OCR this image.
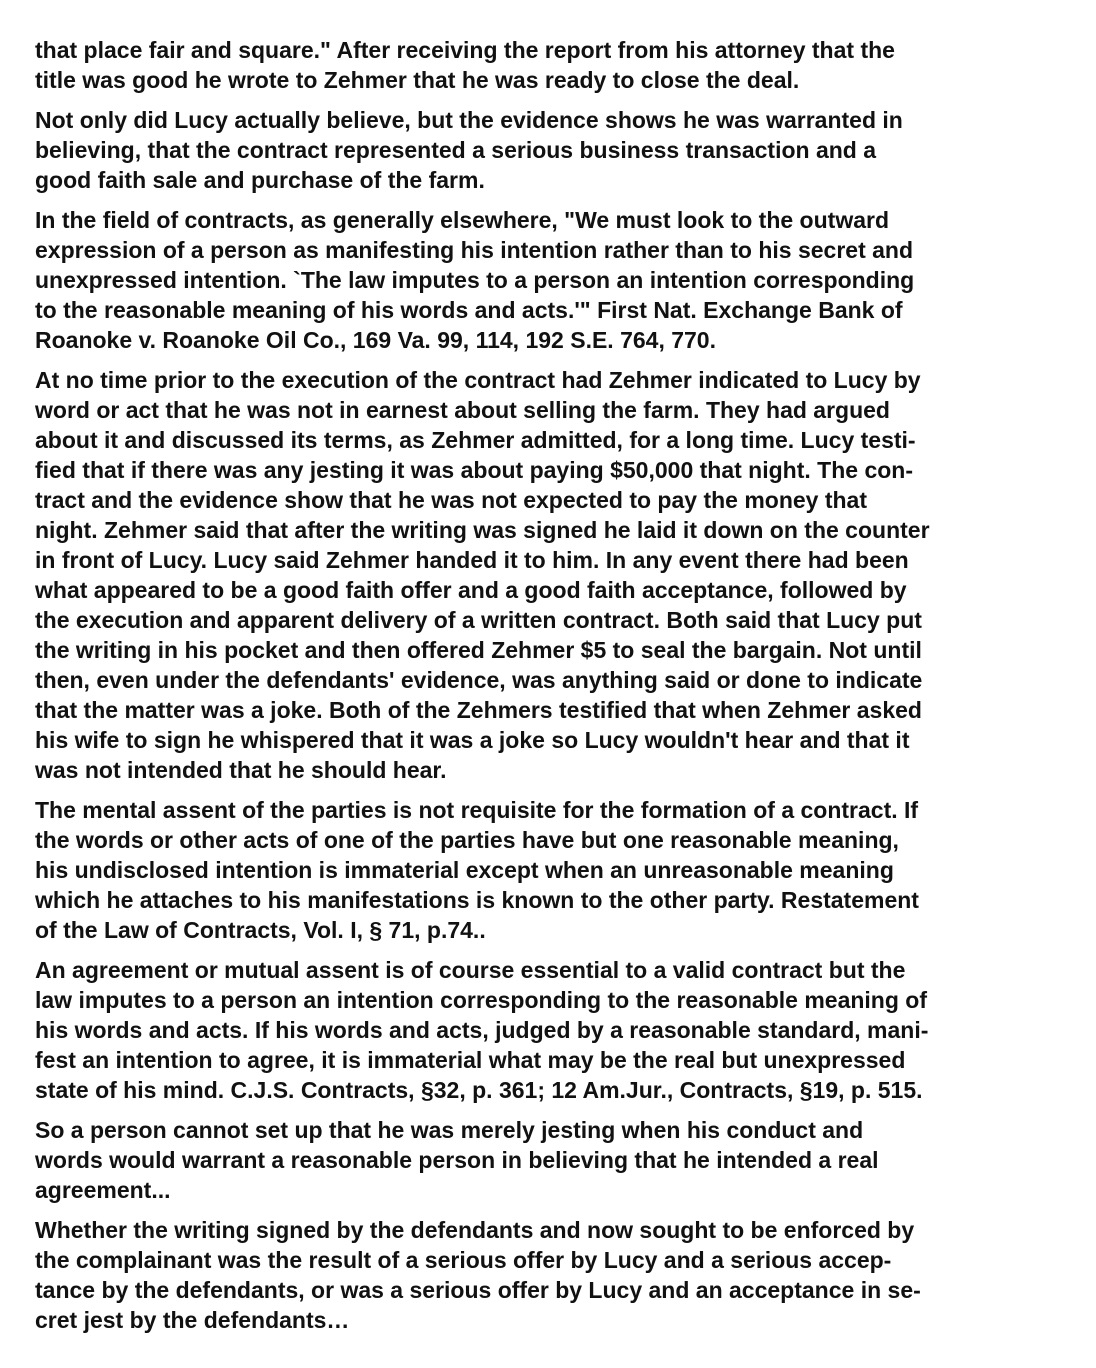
that place fair and square." After receiving the report from his attorney that the
title was good he wrote to Zehmer that he was ready to close the deal.

Not only did Lucy actually believe, but the evidence shows he was warranted in
believing, that the contract represented a serious business transaction and a
good faith sale and purchase of the farm.

In the field of contracts, as generally elsewhere, "We must look to the outward
expression of a person as manifesting his intention rather than to his secret and
unexpressed intention. `The law imputes to a person an intention corresponding
to the reasonable meaning of his words and acts.'" First Nat. Exchange Bank of
Roanoke v. Roanoke Oil Co., 169 Va. 99, 114, 192 S.E. 764, 770.

At no time prior to the execution of the contract had Zehmer indicated to Lucy by
word or act that he was not in earnest about selling the farm. They had argued
about it and discussed its terms, as Zehmer admitted, for a long time. Lucy testi-
fied that if there was any jesting it was about paying $50,000 that night. The con-
tract and the evidence show that he was not expected to pay the money that
night. Zehmer said that after the writing was signed he laid it down on the counter
in front of Lucy. Lucy said Zehmer handed it to him. In any event there had been
what appeared to be a good faith offer and a good faith acceptance, followed by
the execution and apparent delivery of a written contract. Both said that Lucy put
the writing in his pocket and then offered Zehmer $5 to seal the bargain. Not until
then, even under the defendants' evidence, was anything said or done to indicate
that the matter was a joke. Both of the Zehmers testified that when Zehmer asked
his wife to sign he whispered that it was a joke so Lucy wouldn't hear and that it
was not intended that he should hear.

The mental assent of the parties is not requisite for the formation of a contract. If
the words or other acts of one of the parties have but one reasonable meaning,
his undisclosed intention is immaterial except when an unreasonable meaning
which he attaches to his manifestations is known to the other party. Restatement
of the Law of Contracts, Vol. I, § 71, p.74..

An agreement or mutual assent is of course essential to a valid contract but the
law imputes to a person an intention corresponding to the reasonable meaning of
his words and acts. If his words and acts, judged by a reasonable standard, mani-
fest an intention to agree, it is immaterial what may be the real but unexpressed
state of his mind. C.J.S. Contracts, §32, p. 361; 12 Am.Jur., Contracts, §19, p. 515.

So a person cannot set up that he was merely jesting when his conduct and
words would warrant a reasonable person in believing that he intended a real
agreement...

Whether the writing signed by the defendants and now sought to be enforced by
the complainant was the result of a serious offer by Lucy and a serious accep-
tance by the defendants, or was a serious offer by Lucy and an acceptance in se-
cret jest by the defendants…
